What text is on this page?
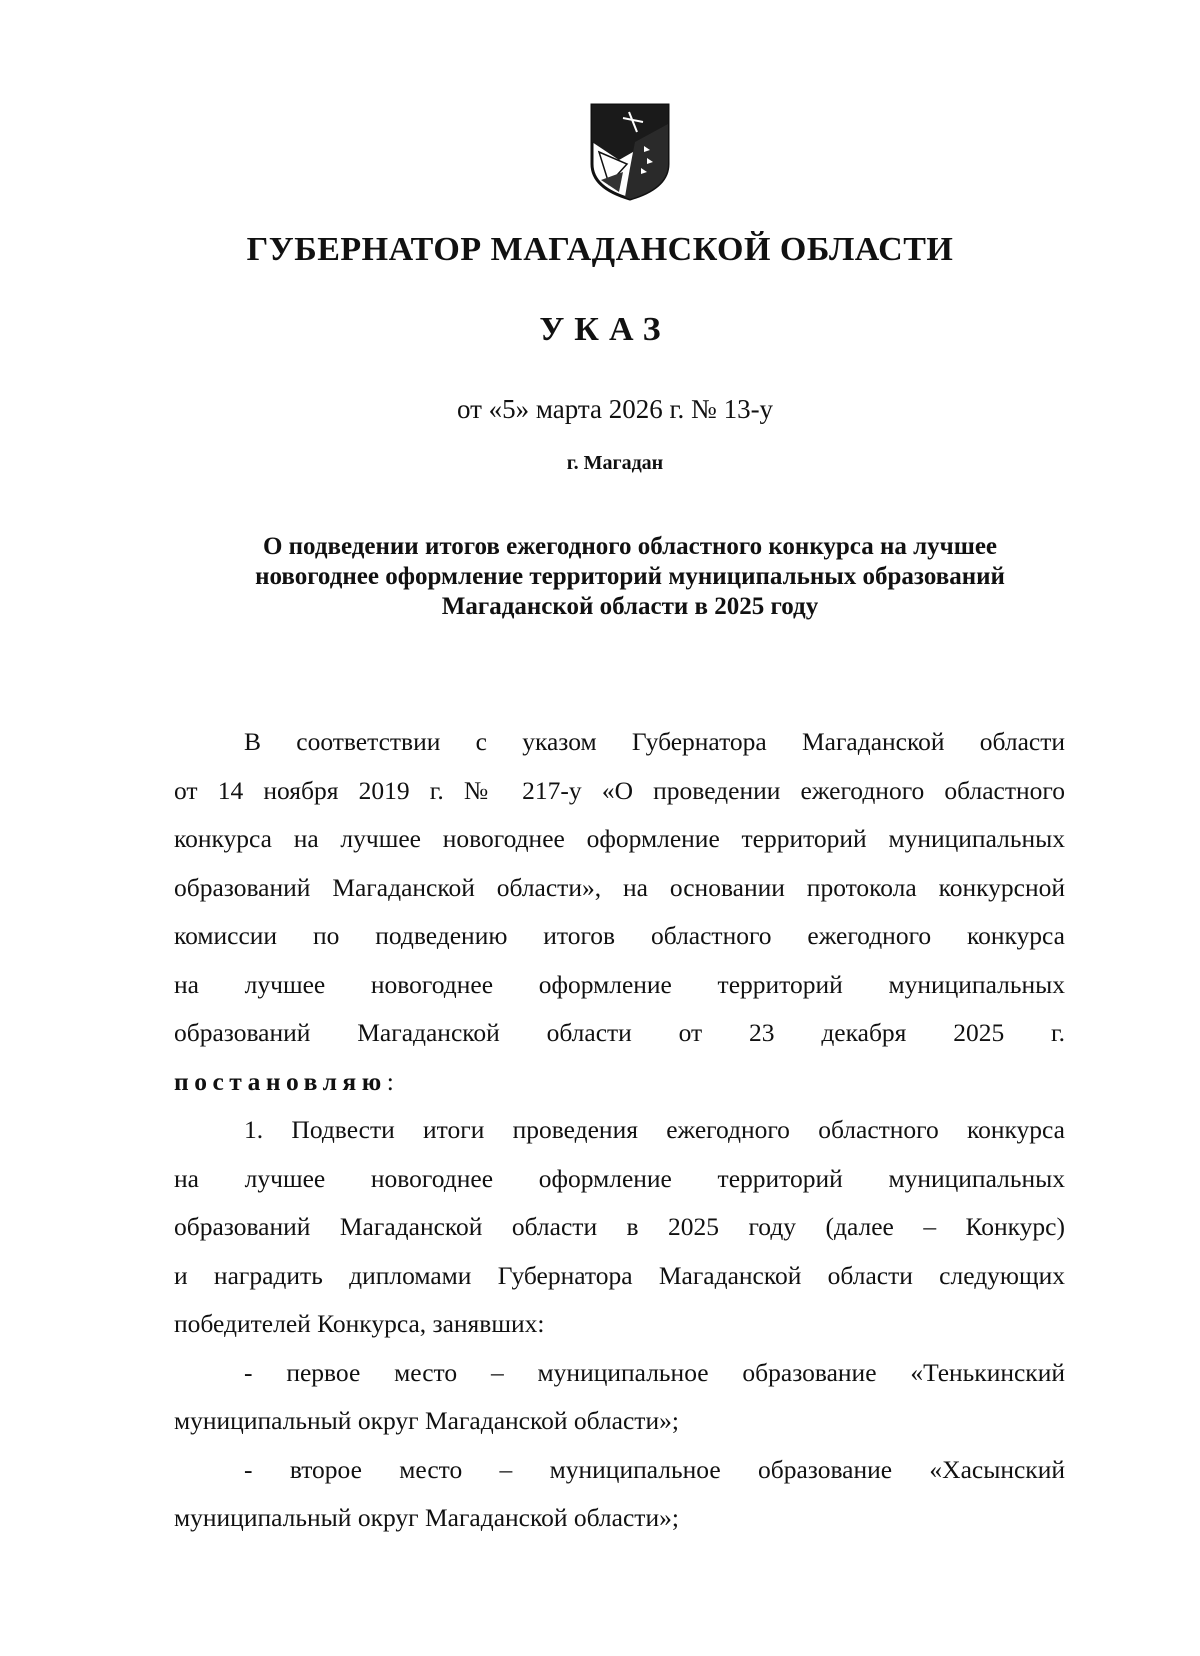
ГУБЕРНАТОР МАГАДАНСКОЙ ОБЛАСТИ
УКАЗ
от «5» марта 2026 г. № 13-у
г. Магадан
О подведении итогов ежегодного областного конкурса на лучшее
новогоднее оформление территорий муниципальных образований
Магаданской области в 2025 году
В соответствии с указом Губернатора Магаданской области
от 14 ноября 2019 г. № 217-у «О проведении ежегодного областного
конкурса на лучшее новогоднее оформление территорий муниципальных
образований Магаданской области», на основании протокола конкурсной
комиссии по подведению итогов областного ежегодного конкурса
на лучшее новогоднее оформление территорий муниципальных
образований Магаданской области от 23 декабря 2025 г.
постановляю:
1. Подвести итоги проведения ежегодного областного конкурса
на лучшее новогоднее оформление территорий муниципальных
образований Магаданской области в 2025 году (далее – Конкурс)
и наградить дипломами Губернатора Магаданской области следующих
победителей Конкурса, занявших:
- первое место – муниципальное образование «Тенькинский
муниципальный округ Магаданской области»;
- второе место – муниципальное образование «Хасынский
муниципальный округ Магаданской области»;
